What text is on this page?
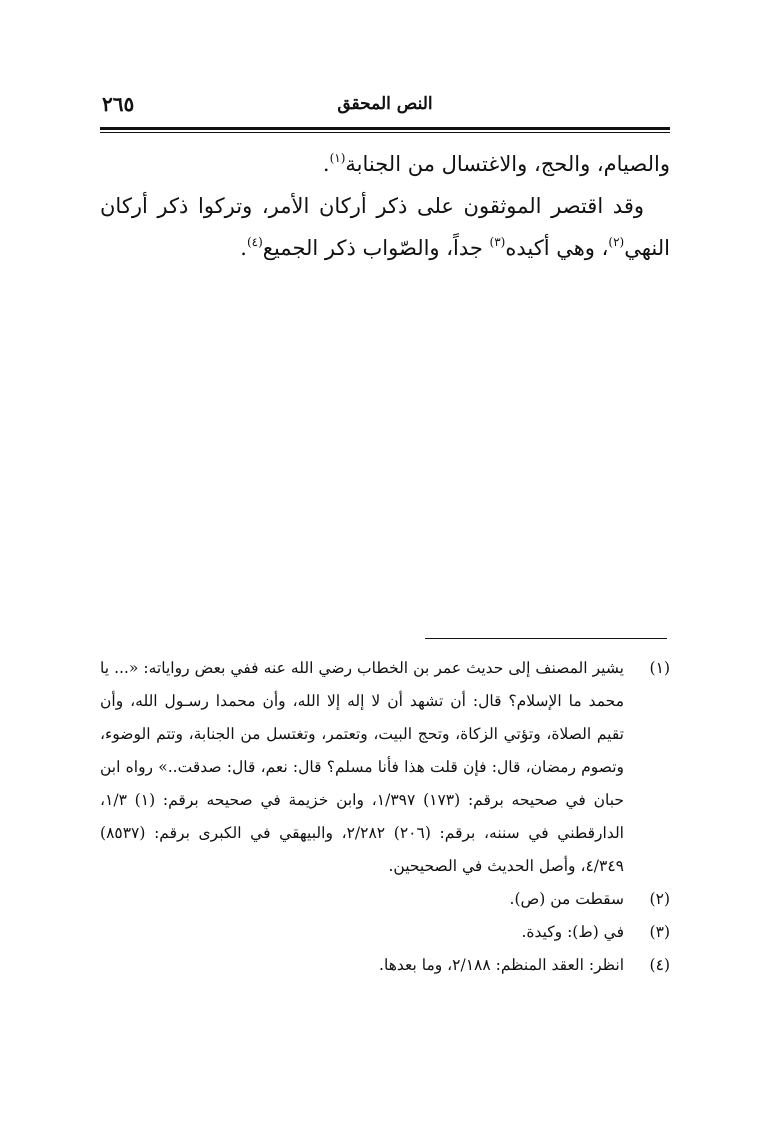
٢٦٥	النص المحقق

والصيام، والحج، والاغتسال من الجنابة$^{(١)}$.

وقد اقتصر الموثقون على ذكر أركان الأمر، وتركوا ذكر أركان النهي$^{(٢)}$، وهي أكيده$^{(٣)}$ جداً، والصّواب ذكر الجميع$^{(٤)}$.

(١)
يشير المصنف إلى حديث عمر بن الخطاب رضي الله عنه ففي بعض رواياته: «... يا محمد ما الإسلام؟ قال: أن تشهد أن لا إله إلا الله، وأن محمدا رسـول الله، وأن تقيم الصلاة، وتؤتي الزكاة، وتحج البيت، وتعتمر، وتغتسل من الجنابة، وتتم الوضوء، وتصوم رمضان، قال: فإن قلت هذا فأنا مسلم؟ قال: نعم، قال: صدقت..» رواه ابن حبان في صحيحه برقم: (١٧٣) ١/٣٩٧، وابن خزيمة في صحيحه برقم: (١) ١/٣، الدارقطني في سننه، برقم: (٢٠٦) ٢/٢٨٢، والبيهقي في الكبرى برقم: (٨٥٣٧) ٤/٣٤٩، وأصل الحديث في الصحيحين.

(٢)
سقطت من (ص).

(٣)
في (ط): وكيدة.

(٤)
انظر: العقد المنظم: ٢/١٨٨، وما بعدها.
